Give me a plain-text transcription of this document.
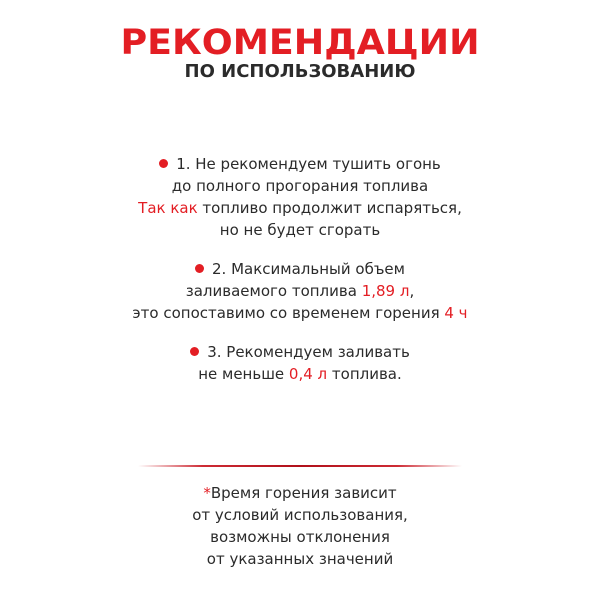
РЕКОМЕНДАЦИИ
ПО ИСПОЛЬЗОВАНИЮ
1. Не рекомендуем тушить огонь
до полного прогорания топлива
Так как топливо продолжит испаряться,
но не будет сгорать
2. Максимальный объем
заливаемого топлива 1,89 л,
это сопоставимо со временем горения 4 ч
3. Рекомендуем заливать
не меньше 0,4 л топлива.
*Время горения зависит
от условий использования,
возможны отклонения
от указанных значений
